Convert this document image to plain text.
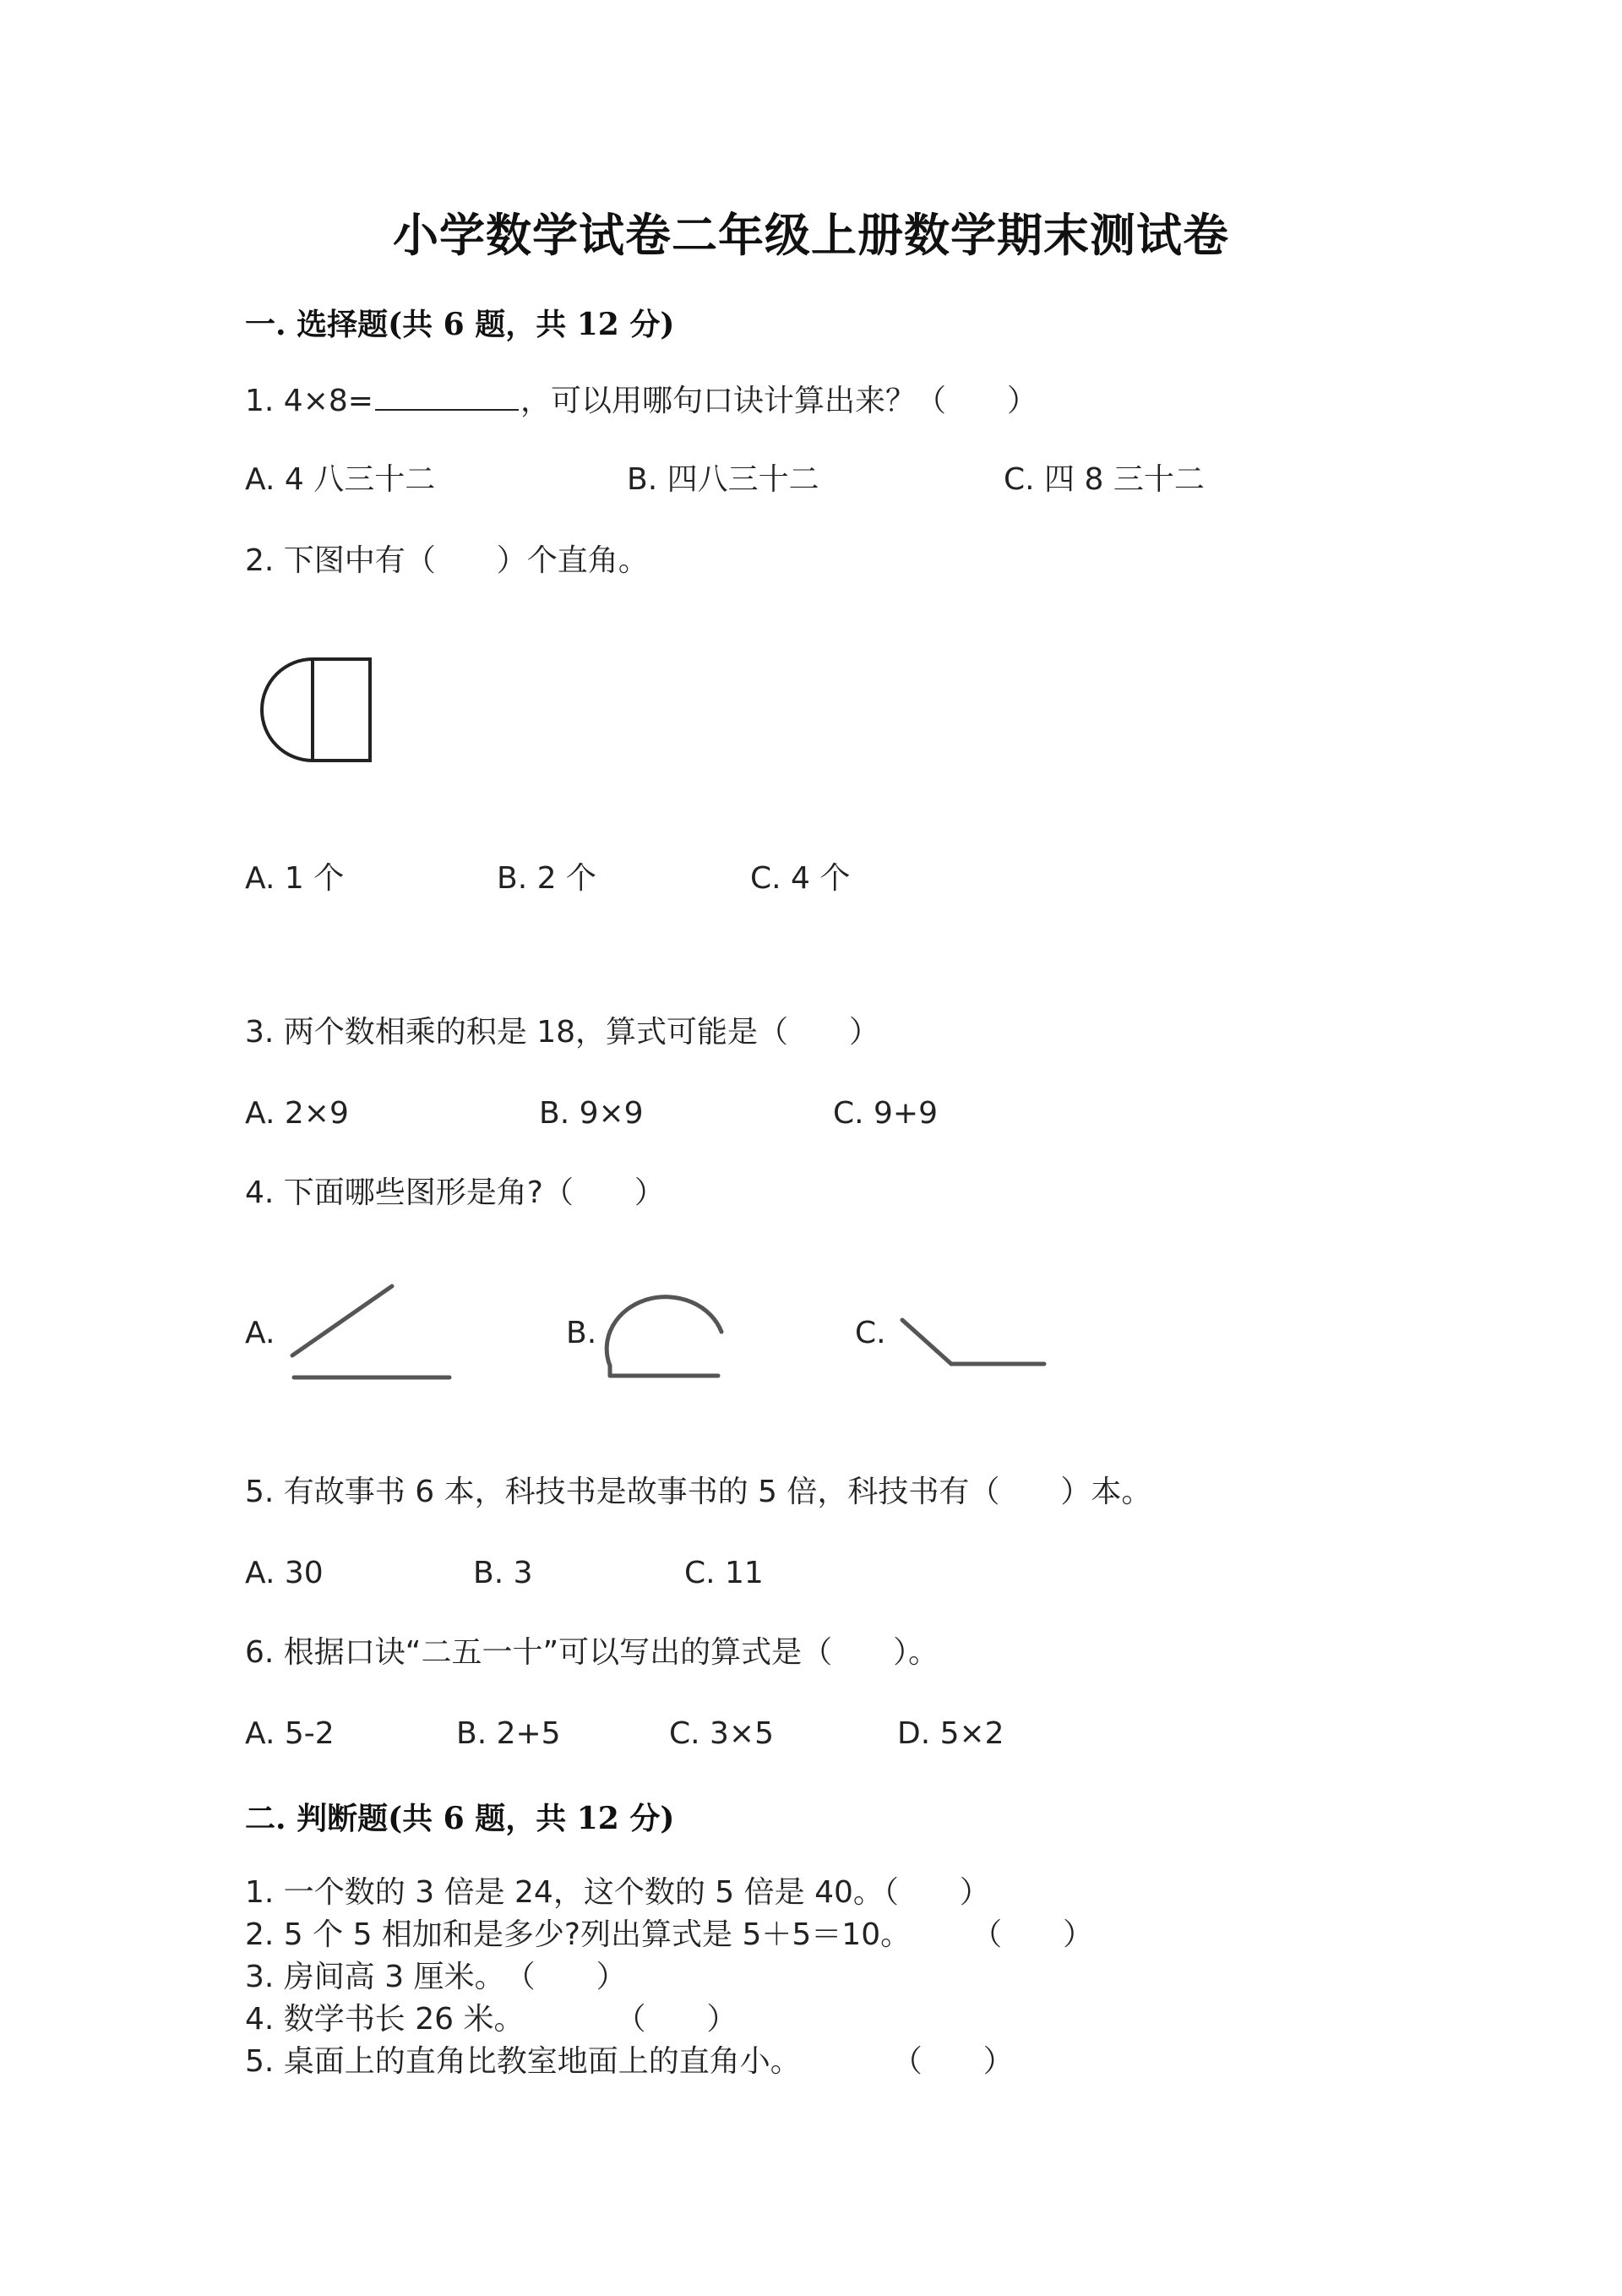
小学数学试卷二年级上册数学期末测试卷
一. 选择题(共 6 题，共 12 分)
1. 4×8=	，可以用哪句口诀计算出来？（　　）
A. 4 八三十二	B. 四八三十二	C. 四 8 三十二
2. 下图中有（　　）个直角。
A. 1 个	B. 2 个	C. 4 个
3. 两个数相乘的积是 18，算式可能是（　　）
A. 2×9	B. 9×9	C. 9+9
4. 下面哪些图形是角?（　　）
A.	B.	C.
5. 有故事书 6 本，科技书是故事书的 5 倍，科技书有（　　）本。
A. 30	B. 3	C. 11
6. 根据口诀“二五一十”可以写出的算式是（　　）。
A. 5-2	B. 2+5	C. 3×5	D. 5×2
二. 判断题(共 6 题，共 12 分)
1. 一个数的 3 倍是 24，这个数的 5 倍是 40。（　　）
2. 5 个 5 相加和是多少?列出算式是 5＋5＝10。　　　（　　）
3. 房间高 3 厘米。　（　　）
4. 数学书长 26 米。　　　　（　　）
5. 桌面上的直角比教室地面上的直角小。　　　　（　　）
